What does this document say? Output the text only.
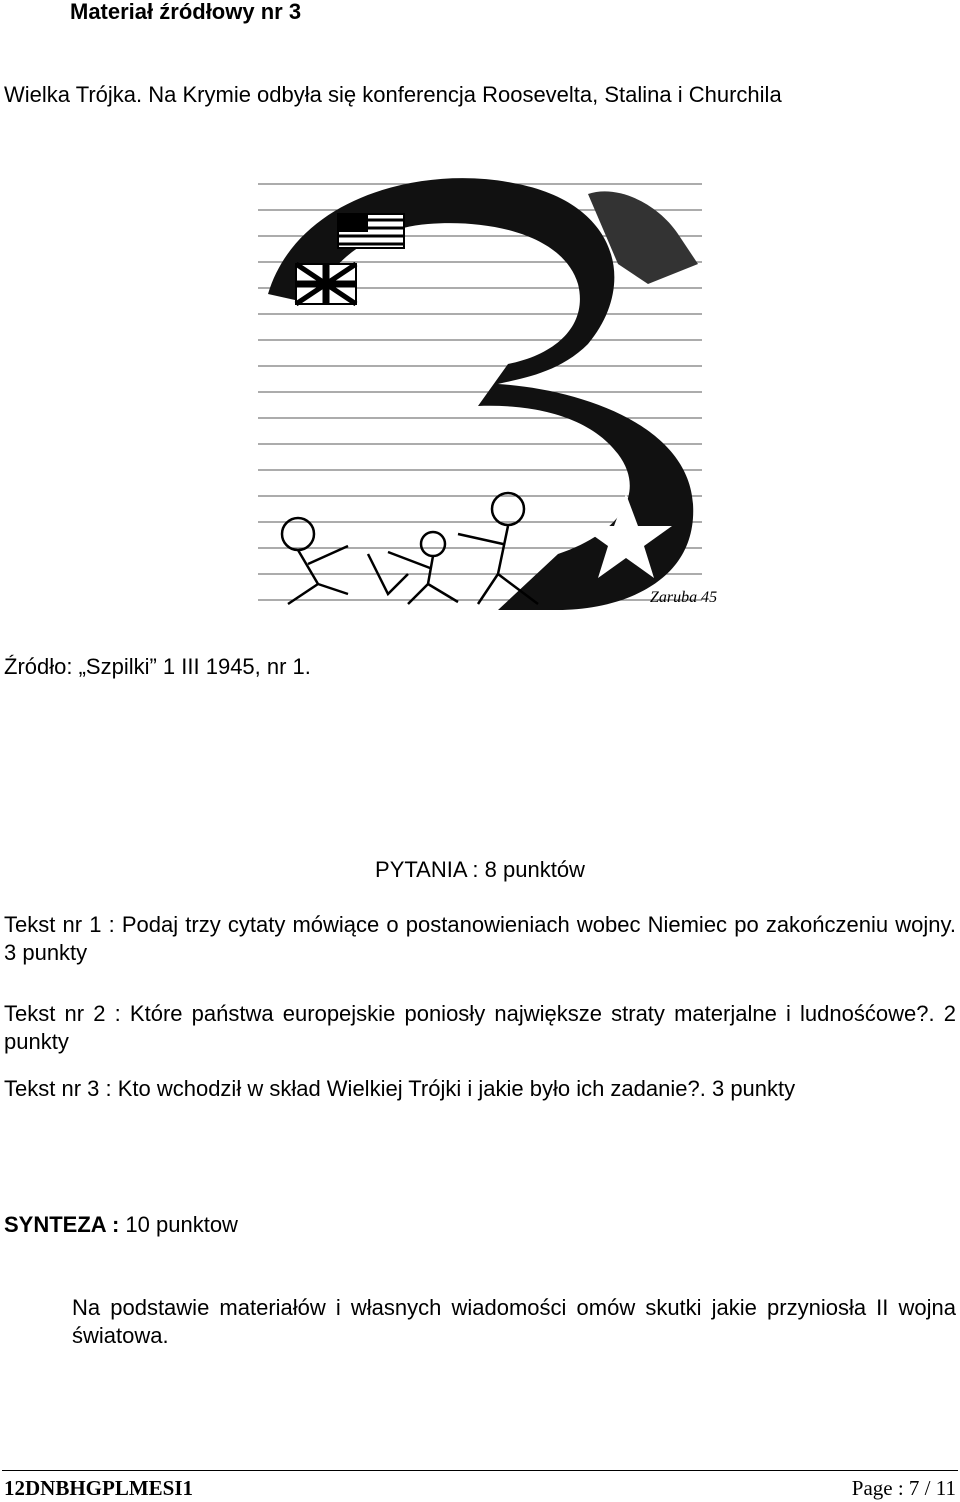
Materiał źródłowy nr 3
Wielka Trójka. Na Krymie odbyła się konferencja Roosevelta, Stalina i Churchila
Zaruba 45
Źródło: „Szpilki” 1 III 1945, nr 1.
PYTANIA : 8 punktów
Tekst nr 1 : Podaj trzy cytaty mówiące o postanowieniach wobec Niemiec po zakończeniu wojny. 3 punkty
Tekst nr 2 : Które państwa europejskie poniosły największe straty materjalne i ludnośćowe?. 2 punkty
Tekst nr 3 : Kto wchodził w skład Wielkiej Trójki i jakie było ich zadanie?. 3 punkty
SYNTEZA : 10 punktow
Na podstawie materiałów i własnych wiadomości omów skutki jakie przyniosła II wojna światowa.
12DNBHGPLMESI1	Page : 7 / 11
